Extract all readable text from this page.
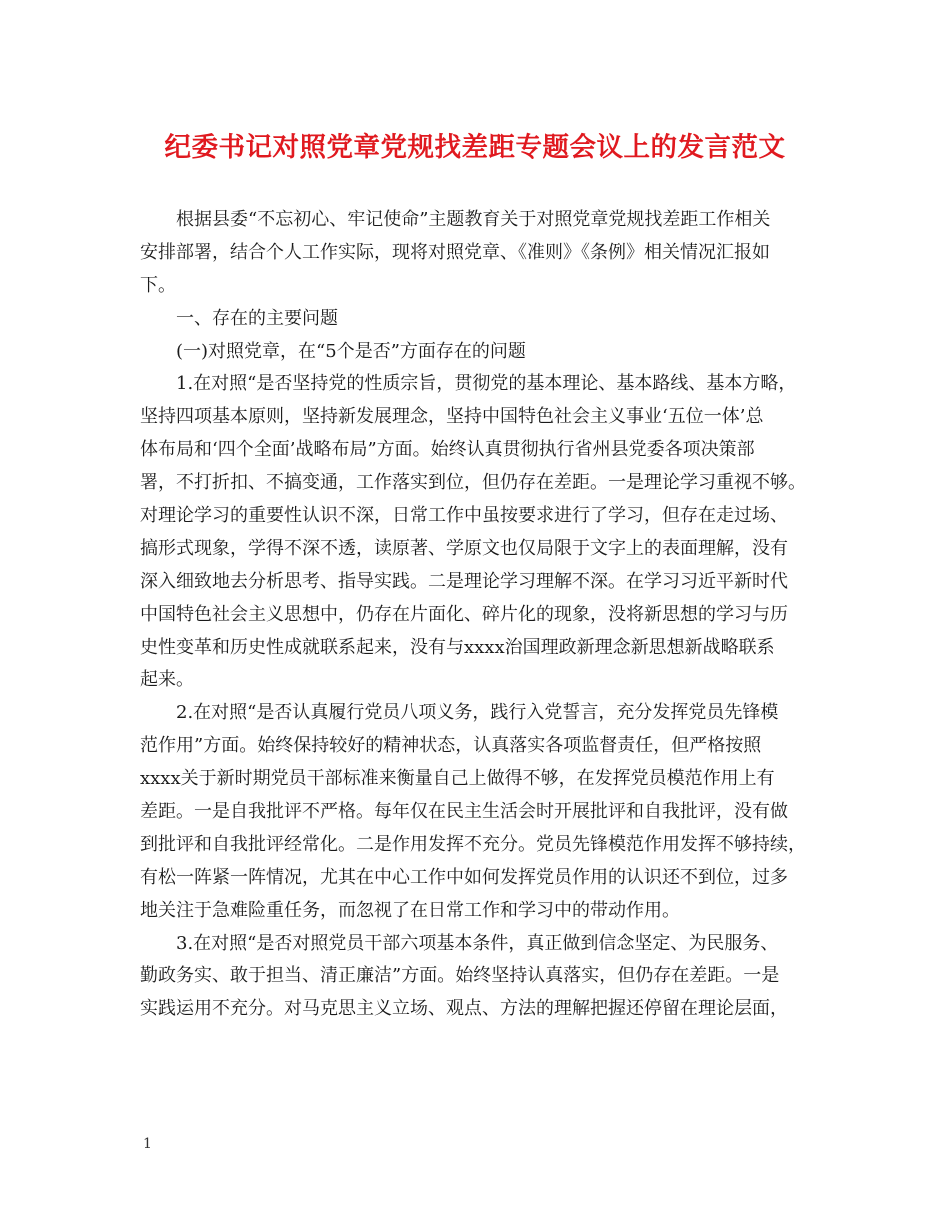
纪委书记对照党章党规找差距专题会议上的发言范文
根据县委“不忘初心、牢记使命”主题教育关于对照党章党规找差距工作相关
安排部署，结合个人工作实际，现将对照党章、《准则》《条例》相关情况汇报如
下。
一、存在的主要问题
(一)对照党章，在“5个是否”方面存在的问题
1.在对照“是否坚持党的性质宗旨，贯彻党的基本理论、基本路线、基本方略，
坚持四项基本原则，坚持新发展理念，坚持中国特色社会主义事业‘五位一体’总
体布局和‘四个全面’战略布局”方面。始终认真贯彻执行省州县党委各项决策部
署，不打折扣、不搞变通，工作落实到位，但仍存在差距。一是理论学习重视不够。
对理论学习的重要性认识不深，日常工作中虽按要求进行了学习，但存在走过场、
搞形式现象，学得不深不透，读原著、学原文也仅局限于文字上的表面理解，没有
深入细致地去分析思考、指导实践。二是理论学习理解不深。在学习习近平新时代
中国特色社会主义思想中，仍存在片面化、碎片化的现象，没将新思想的学习与历
史性变革和历史性成就联系起来，没有与xxxx治国理政新理念新思想新战略联系
起来。
2.在对照“是否认真履行党员八项义务，践行入党誓言，充分发挥党员先锋模
范作用”方面。始终保持较好的精神状态，认真落实各项监督责任，但严格按照
xxxx关于新时期党员干部标准来衡量自己上做得不够，在发挥党员模范作用上有
差距。一是自我批评不严格。每年仅在民主生活会时开展批评和自我批评，没有做
到批评和自我批评经常化。二是作用发挥不充分。党员先锋模范作用发挥不够持续，
有松一阵紧一阵情况，尤其在中心工作中如何发挥党员作用的认识还不到位，过多
地关注于急难险重任务，而忽视了在日常工作和学习中的带动作用。
3.在对照“是否对照党员干部六项基本条件，真正做到信念坚定、为民服务、
勤政务实、敢于担当、清正廉洁”方面。始终坚持认真落实，但仍存在差距。一是
实践运用不充分。对马克思主义立场、观点、方法的理解把握还停留在理论层面，
1
